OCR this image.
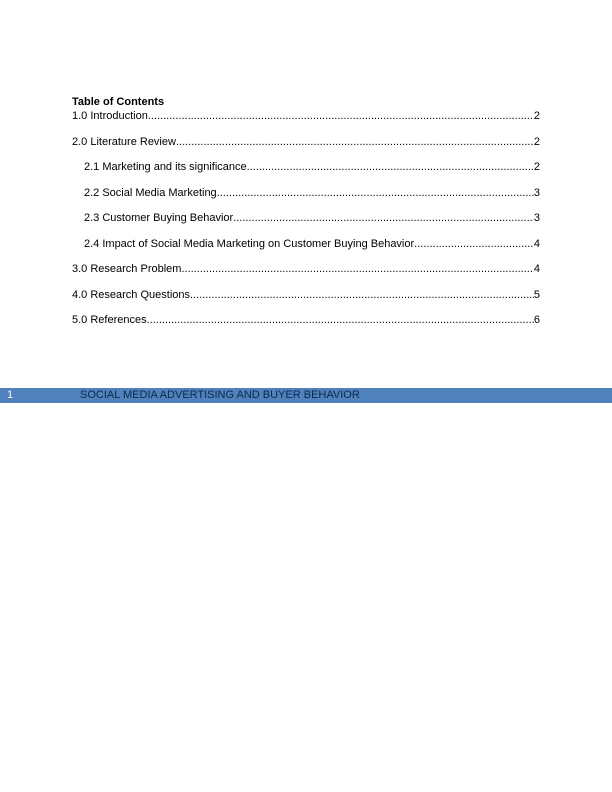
Table of Contents
1.0 Introduction .....	2
2.0 Literature Review .....	2
2.1 Marketing and its significance .....	2
2.2 Social Media Marketing .....	3
2.3 Customer Buying Behavior .....	3
2.4 Impact of Social Media Marketing on Customer Buying Behavior .....	4
3.0 Research Problem .....	4
4.0 Research Questions .....	5
5.0 References .....	6
1	SOCIAL MEDIA ADVERTISING AND BUYER BEHAVIOR
